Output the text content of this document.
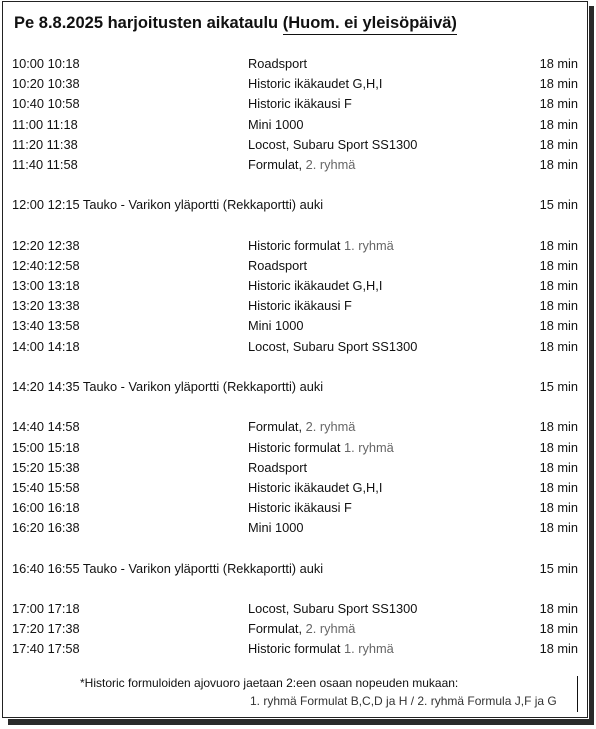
Pe 8.8.2025 harjoitusten aikataulu (Huom. ei yleisöpäivä)
10:00 10:18	Roadsport	18 min
10:20 10:38	Historic ikäkaudet G,H,I	18 min
10:40 10:58	Historic ikäkausi F	18 min
11:00 11:18	Mini 1000	18 min
11:20 11:38	Locost, Subaru Sport SS1300	18 min
11:40 11:58	Formulat, 2. ryhmä	18 min
12:00 12:15 Tauko - Varikon yläportti (Rekkaportti) auki	15 min
12:20 12:38	Historic formulat 1. ryhmä	18 min
12:40:12:58	Roadsport	18 min
13:00 13:18	Historic ikäkaudet G,H,I	18 min
13:20 13:38	Historic ikäkausi F	18 min
13:40 13:58	Mini 1000	18 min
14:00 14:18	Locost, Subaru Sport SS1300	18 min
14:20 14:35 Tauko - Varikon yläportti (Rekkaportti) auki	15 min
14:40 14:58	Formulat, 2. ryhmä	18 min
15:00 15:18	Historic formulat 1. ryhmä	18 min
15:20 15:38	Roadsport	18 min
15:40 15:58	Historic ikäkaudet G,H,I	18 min
16:00 16:18	Historic ikäkausi F	18 min
16:20 16:38	Mini 1000	18 min
16:40 16:55 Tauko - Varikon yläportti (Rekkaportti) auki	15 min
17:00 17:18	Locost, Subaru Sport SS1300	18 min
17:20 17:38	Formulat, 2. ryhmä	18 min
17:40 17:58	Historic formulat 1. ryhmä	18 min
*Historic formuloiden ajovuoro jaetaan 2:een osaan nopeuden mukaan:
1. ryhmä Formulat B,C,D ja H / 2. ryhmä Formula J,F ja G
